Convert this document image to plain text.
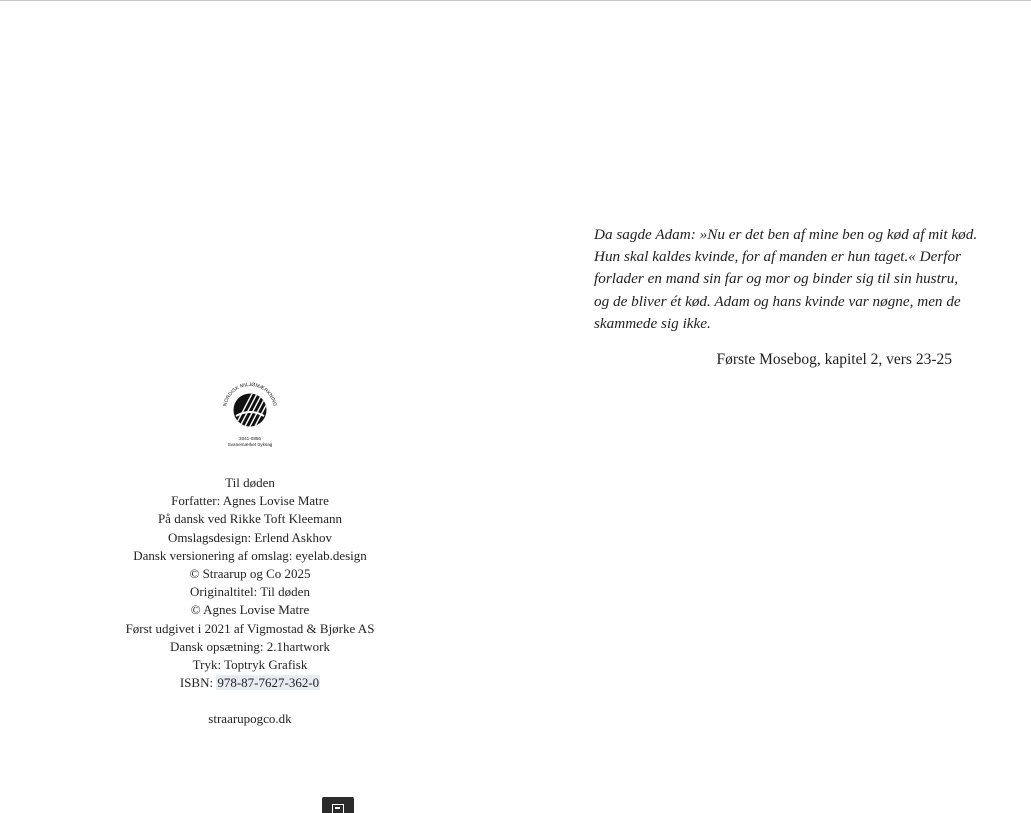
Da sagde Adam: »Nu er det ben af mine ben og kød af mit kød.
Hun skal kaldes kvinde, for af manden er hun taget.« Derfor
forlader en mand sin far og mor og binder sig til sin hustru,
og de bliver ét kød. Adam og hans kvinde var nøgne, men de
skammede sig ikke.
Første Mosebog, kapitel 2, vers 23-25
NORDISK MILJØMÆRKNING
3041-0856
Svanemærket tryksag
Til døden
Forfatter: Agnes Lovise Matre
På dansk ved Rikke Toft Kleemann
Omslagsdesign: Erlend Askhov
Dansk versionering af omslag: eyelab.design
© Straarup og Co 2025
Originaltitel: Til døden
© Agnes Lovise Matre
Først udgivet i 2021 af Vigmostad & Bjørke AS
Dansk opsætning: 2.1hartwork
Tryk: Toptryk Grafisk
ISBN: 978-87-7627-362-0
straarupogco.dk
